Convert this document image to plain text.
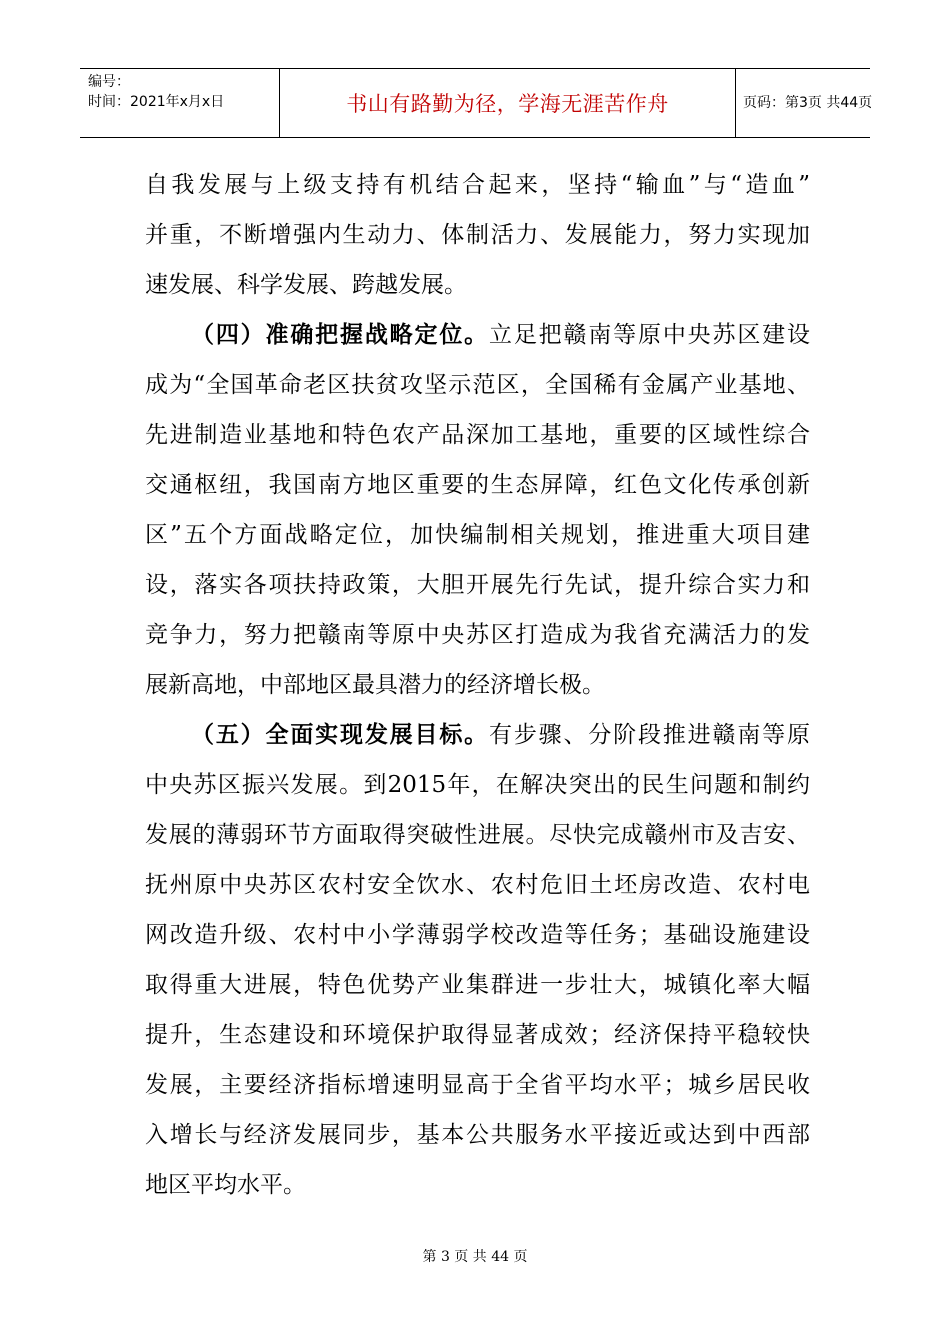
编号：
时间：2021年x月x日	书山有路勤为径，学海无涯苦作舟	页码：第3页 共44页
自我发展与上级支持有机结合起来，坚持“输血”与“造血”
并重，不断增强内生动力、体制活力、发展能力，努力实现加
速发展、科学发展、跨越发展。
（四）准确把握战略定位。立足把赣南等原中央苏区建设
成为“全国革命老区扶贫攻坚示范区，全国稀有金属产业基地、
先进制造业基地和特色农产品深加工基地，重要的区域性综合
交通枢纽，我国南方地区重要的生态屏障，红色文化传承创新
区”五个方面战略定位，加快编制相关规划，推进重大项目建
设，落实各项扶持政策，大胆开展先行先试，提升综合实力和
竞争力，努力把赣南等原中央苏区打造成为我省充满活力的发
展新高地，中部地区最具潜力的经济增长极。
（五）全面实现发展目标。有步骤、分阶段推进赣南等原
中央苏区振兴发展。到2015年，在解决突出的民生问题和制约
发展的薄弱环节方面取得突破性进展。尽快完成赣州市及吉安、
抚州原中央苏区农村安全饮水、农村危旧土坯房改造、农村电
网改造升级、农村中小学薄弱学校改造等任务；基础设施建设
取得重大进展，特色优势产业集群进一步壮大，城镇化率大幅
提升，生态建设和环境保护取得显著成效；经济保持平稳较快
发展，主要经济指标增速明显高于全省平均水平；城乡居民收
入增长与经济发展同步，基本公共服务水平接近或达到中西部
地区平均水平。
第 3 页 共 44 页
